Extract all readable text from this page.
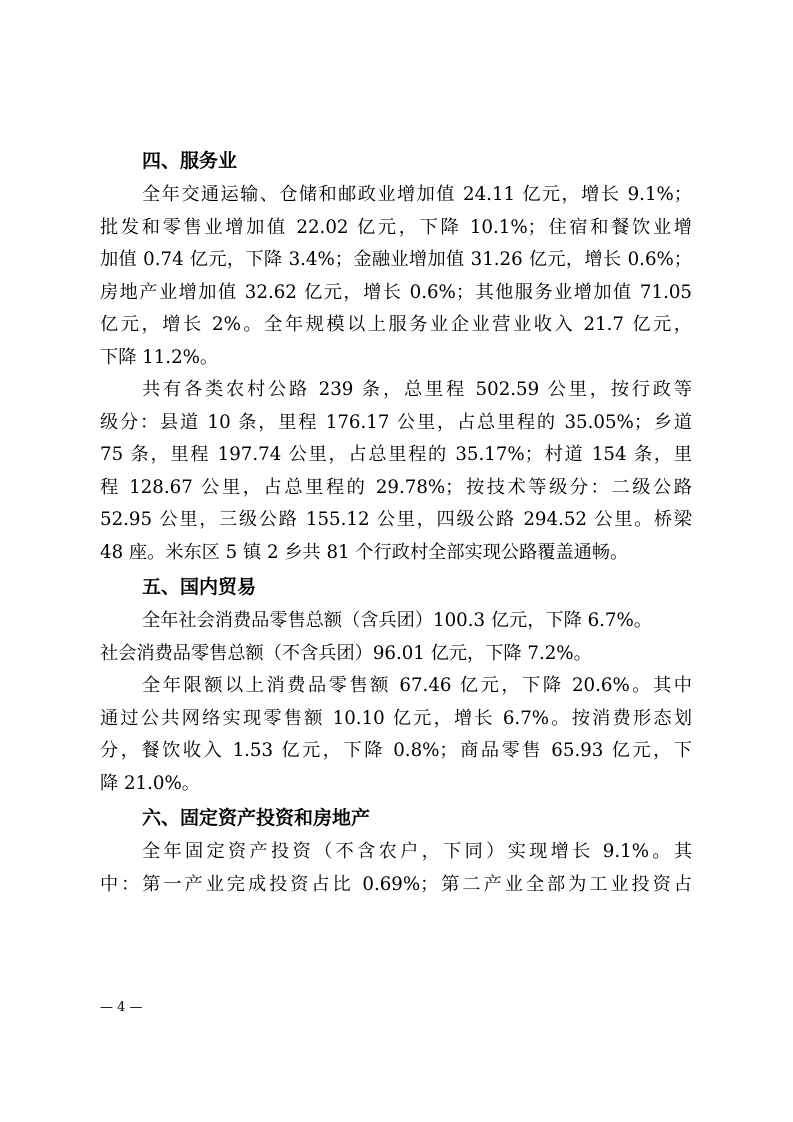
四、服务业
全年交通运输、仓储和邮政业增加值 24.11 亿元，增长 9.1%；
批发和零售业增加值 22.02 亿元，下降 10.1%；住宿和餐饮业增
加值 0.74 亿元，下降 3.4%；金融业增加值 31.26 亿元，增长 0.6%；
房地产业增加值 32.62 亿元，增长 0.6%；其他服务业增加值 71.05
亿元，增长 2%。全年规模以上服务业企业营业收入 21.7 亿元，
下降 11.2%。
共有各类农村公路 239 条，总里程 502.59 公里，按行政等
级分：县道 10 条，里程 176.17 公里，占总里程的 35.05%；乡道
75 条，里程 197.74 公里，占总里程的 35.17%；村道 154 条，里
程 128.67 公里，占总里程的 29.78%；按技术等级分：二级公路
52.95 公里，三级公路 155.12 公里，四级公路 294.52 公里。桥梁
48 座。米东区 5 镇 2 乡共 81 个行政村全部实现公路覆盖通畅。
五、国内贸易
全年社会消费品零售总额（含兵团）100.3 亿元，下降 6.7%。
社会消费品零售总额（不含兵团）96.01 亿元，下降 7.2%。
全年限额以上消费品零售额 67.46 亿元，下降 20.6%。其中
通过公共网络实现零售额 10.10 亿元，增长 6.7%。按消费形态划
分，餐饮收入 1.53 亿元，下降 0.8%；商品零售 65.93 亿元，下
降 21.0%。
六、固定资产投资和房地产
全年固定资产投资（不含农户，下同）实现增长 9.1%。其
中：第一产业完成投资占比 0.69%；第二产业全部为工业投资占
— 4 —
